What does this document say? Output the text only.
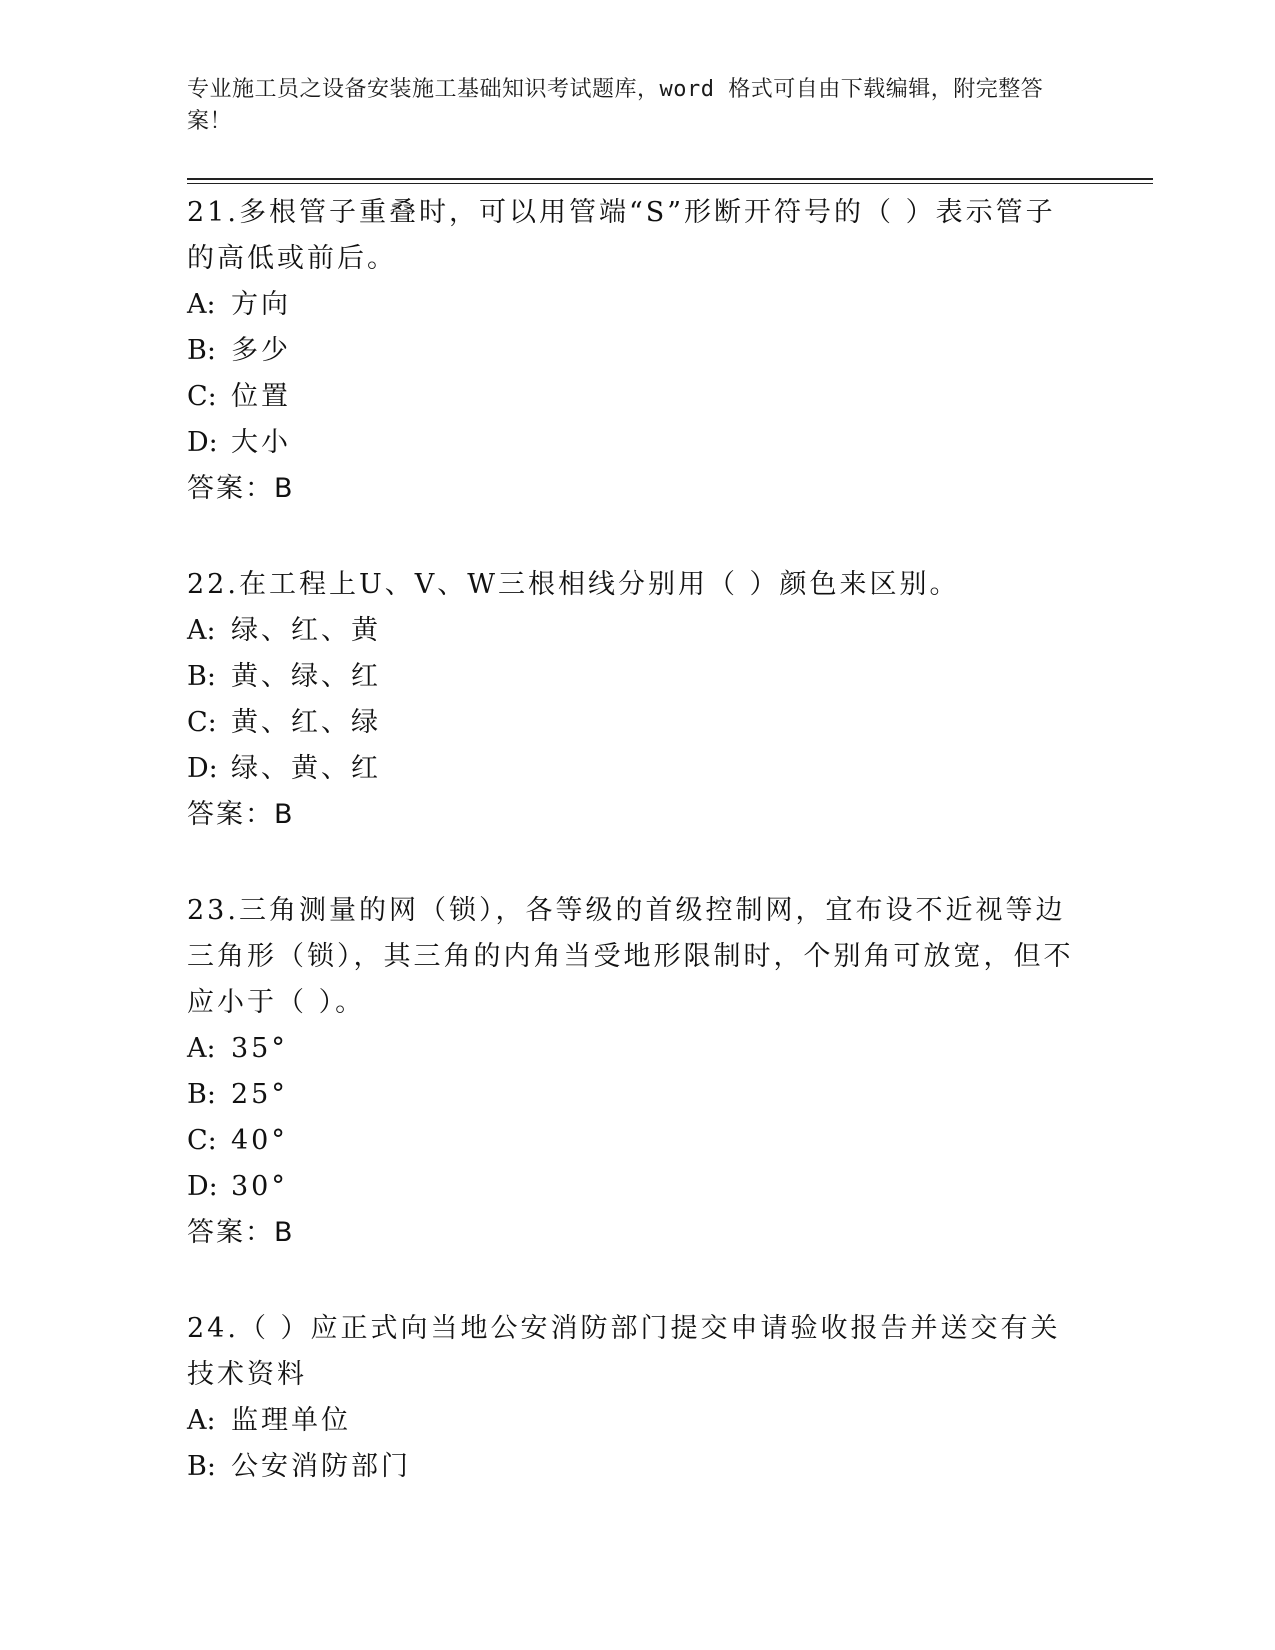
专业施工员之设备安装施工基础知识考试题库，word 格式可自由下载编辑，附完整答案！

21.多根管子重叠时，可以用管端“S”形断开符号的（ ）表示管子的高低或前后。

A: 方向

B: 多少

C: 位置

D: 大小

答案：B

22.在工程上U、V、W三根相线分别用（ ）颜色来区别。

A: 绿、红、黄

B: 黄、绿、红

C: 黄、红、绿

D: 绿、黄、红

答案：B

23.三角测量的网（锁），各等级的首级控制网，宜布设不近视等边三角形（锁），其三角的内角当受地形限制时，个别角可放宽，但不应小于（ ）。

A: 35°

B: 25°

C: 40°

D: 30°

答案：B

24.（ ）应正式向当地公安消防部门提交申请验收报告并送交有关技术资料

A: 监理单位

B: 公安消防部门
